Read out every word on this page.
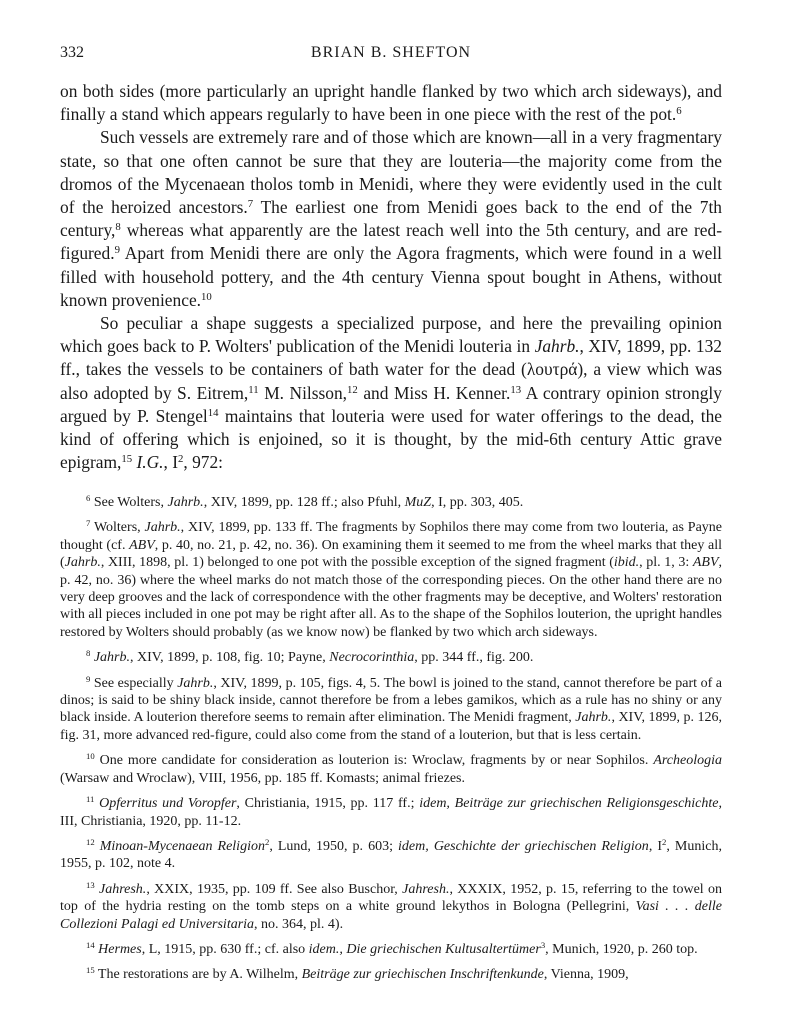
332	BRIAN B. SHEFTON

on both sides (more particularly an upright handle flanked by two which arch sideways), and finally a stand which appears regularly to have been in one piece with the rest of the pot.$^6$

Such vessels are extremely rare and of those which are known—all in a very fragmentary state, so that one often cannot be sure that they are louteria—the majority come from the dromos of the Mycenaean tholos tomb in Menidi, where they were evidently used in the cult of the heroized ancestors.$^7$ The earliest one from Menidi goes back to the end of the 7th century,$^8$ whereas what apparently are the latest reach well into the 5th century, and are red-figured.$^9$ Apart from Menidi there are only the Agora fragments, which were found in a well filled with household pottery, and the 4th century Vienna spout bought in Athens, without known provenience.$^{10}$

So peculiar a shape suggests a specialized purpose, and here the prevailing opinion which goes back to P. Wolters' publication of the Menidi louteria in Jahrb., XIV, 1899, pp. 132 ff., takes the vessels to be containers of bath water for the dead (λουτρά), a view which was also adopted by S. Eitrem,$^{11}$ M. Nilsson,$^{12}$ and Miss H. Kenner.$^{13}$ A contrary opinion strongly argued by P. Stengel$^{14}$ maintains that louteria were used for water offerings to the dead, the kind of offering which is enjoined, so it is thought, by the mid-6th century Attic grave epigram,$^{15}$ I.G., $I^2$, 972:

$^6$ See Wolters, Jahrb., XIV, 1899, pp. 128 ff.; also Pfuhl, MuZ, I, pp. 303, 405.

$^7$ Wolters, Jahrb., XIV, 1899, pp. 133 ff. The fragments by Sophilos there may come from two louteria, as Payne thought (cf. ABV, p. 40, no. 21, p. 42, no. 36). On examining them it seemed to me from the wheel marks that they all (Jahrb., XIII, 1898, pl. 1) belonged to one pot with the possible exception of the signed fragment (ibid., pl. 1, 3: ABV, p. 42, no. 36) where the wheel marks do not match those of the corresponding pieces. On the other hand there are no very deep grooves and the lack of correspondence with the other fragments may be deceptive, and Wolters' restoration with all pieces included in one pot may be right after all. As to the shape of the Sophilos louterion, the upright handles restored by Wolters should probably (as we know now) be flanked by two which arch sideways.

$^8$ Jahrb., XIV, 1899, p. 108, fig. 10; Payne, Necrocorinthia, pp. 344 ff., fig. 200.

$^9$ See especially Jahrb., XIV, 1899, p. 105, figs. 4, 5. The bowl is joined to the stand, cannot therefore be part of a dinos; is said to be shiny black inside, cannot therefore be from a lebes gamikos, which as a rule has no shiny or any black inside. A louterion therefore seems to remain after elimination. The Menidi fragment, Jahrb., XIV, 1899, p. 126, fig. 31, more advanced red-figure, could also come from the stand of a louterion, but that is less certain.

$^{10}$ One more candidate for consideration as louterion is: Wroclaw, fragments by or near Sophilos. Archeologia (Warsaw and Wroclaw), VIII, 1956, pp. 185 ff. Komasts; animal friezes.

$^{11}$ Opferritus und Voropfer, Christiania, 1915, pp. 117 ff.; idem, Beiträge zur griechischen Religionsgeschichte, III, Christiania, 1920, pp. 11-12.

$^{12}$ Minoan-Mycenaean Religion$^2$, Lund, 1950, p. 603; idem, Geschichte der griechischen Religion, $I^2$, Munich, 1955, p. 102, note 4.

$^{13}$ Jahresh., XXIX, 1935, pp. 109 ff. See also Buschor, Jahresh., XXXIX, 1952, p. 15, referring to the towel on top of the hydria resting on the tomb steps on a white ground lekythos in Bologna (Pellegrini, Vasi . . . delle Collezioni Palagi ed Universitaria, no. 364, pl. 4).

$^{14}$ Hermes, L, 1915, pp. 630 ff.; cf. also idem., Die griechischen Kultusaltertümer$^3$, Munich, 1920, p. 260 top.

$^{15}$ The restorations are by A. Wilhelm, Beiträge zur griechischen Inschriftenkunde, Vienna, 1909,
